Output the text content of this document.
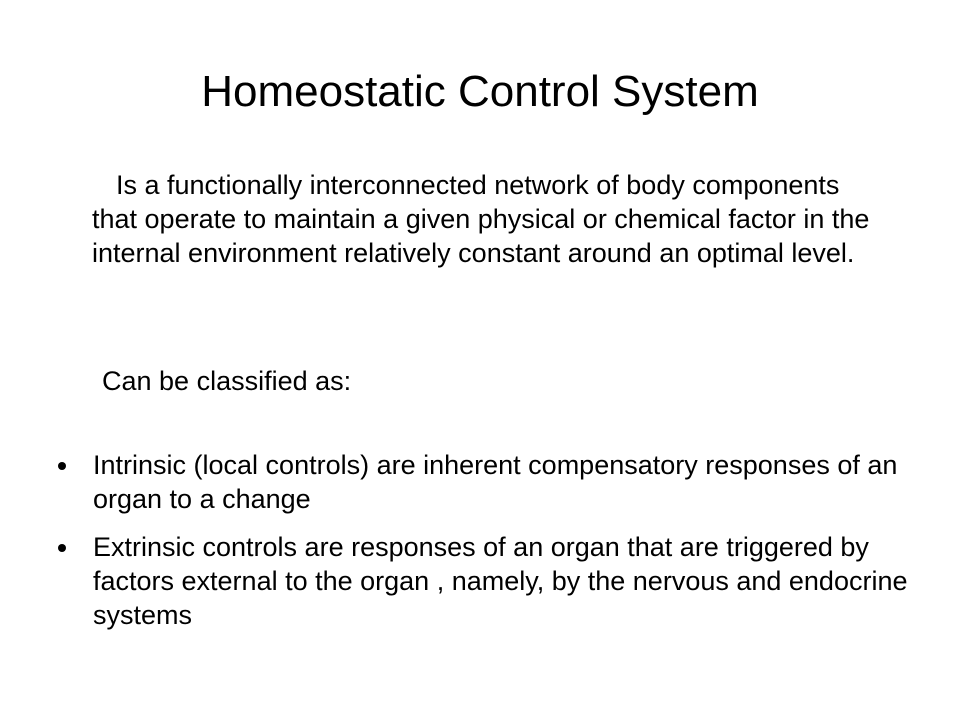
Homeostatic Control System

Is a functionally interconnected network of body components that operate to maintain a given physical or chemical factor in the internal environment relatively constant around an optimal level.

Can be classified as:

Intrinsic (local controls) are inherent compensatory responses of an organ to a change
Extrinsic controls are responses of an organ that are triggered by factors external to the organ , namely, by the nervous and endocrine systems
